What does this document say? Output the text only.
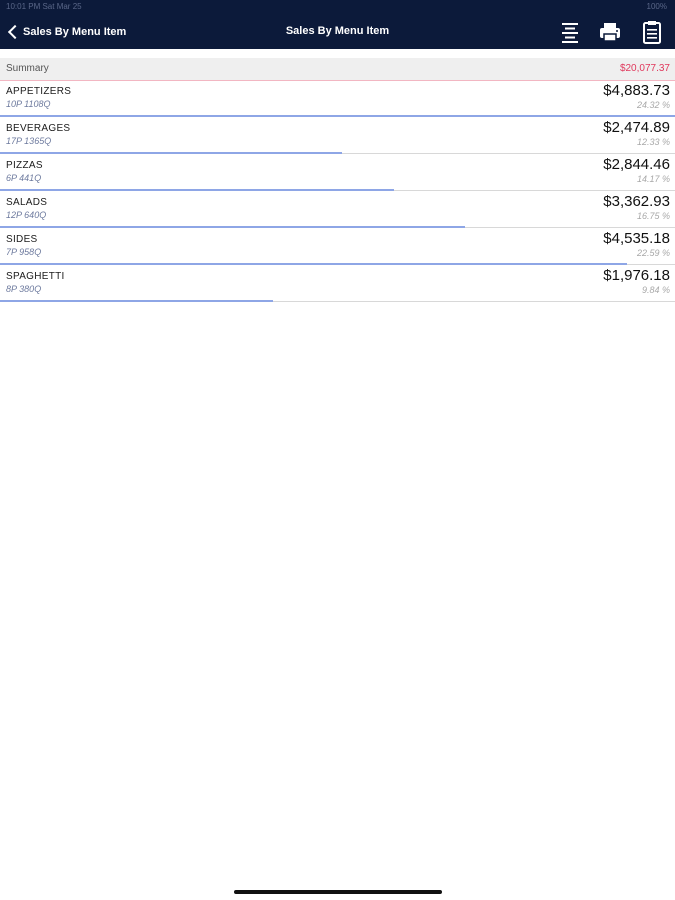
10:01 PM Sat Mar 25	100%
Sales By Menu Item	Sales By Menu Item
Summary	$20,077.37
APPETIZERS
10P 1108Q
$4,883.73
24.32 %
BEVERAGES
17P 1365Q
$2,474.89
12.33 %
PIZZAS
6P 441Q
$2,844.46
14.17 %
SALADS
12P 640Q
$3,362.93
16.75 %
SIDES
7P 958Q
$4,535.18
22.59 %
SPAGHETTI
8P 380Q
$1,976.18
9.84 %
